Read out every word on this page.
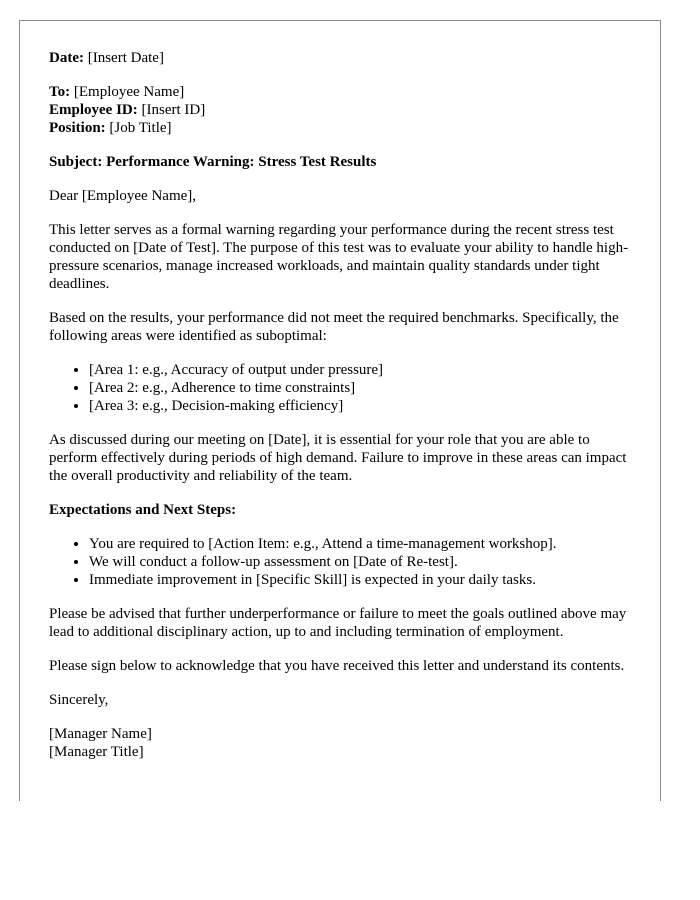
Date: [Insert Date]

To: [Employee Name]
Employee ID: [Insert ID]
Position: [Job Title]

Subject: Performance Warning: Stress Test Results

Dear [Employee Name],

This letter serves as a formal warning regarding your performance during the recent stress test conducted on [Date of Test]. The purpose of this test was to evaluate your ability to handle high-pressure scenarios, manage increased workloads, and maintain quality standards under tight deadlines.

Based on the results, your performance did not meet the required benchmarks. Specifically, the following areas were identified as suboptimal:

• [Area 1: e.g., Accuracy of output under pressure]
• [Area 2: e.g., Adherence to time constraints]
• [Area 3: e.g., Decision-making efficiency]

As discussed during our meeting on [Date], it is essential for your role that you are able to perform effectively during periods of high demand. Failure to improve in these areas can impact the overall productivity and reliability of the team.

Expectations and Next Steps:

• You are required to [Action Item: e.g., Attend a time-management workshop].
• We will conduct a follow-up assessment on [Date of Re-test].
• Immediate improvement in [Specific Skill] is expected in your daily tasks.

Please be advised that further underperformance or failure to meet the goals outlined above may lead to additional disciplinary action, up to and including termination of employment.

Please sign below to acknowledge that you have received this letter and understand its contents.

Sincerely,

[Manager Name]
[Manager Title]
